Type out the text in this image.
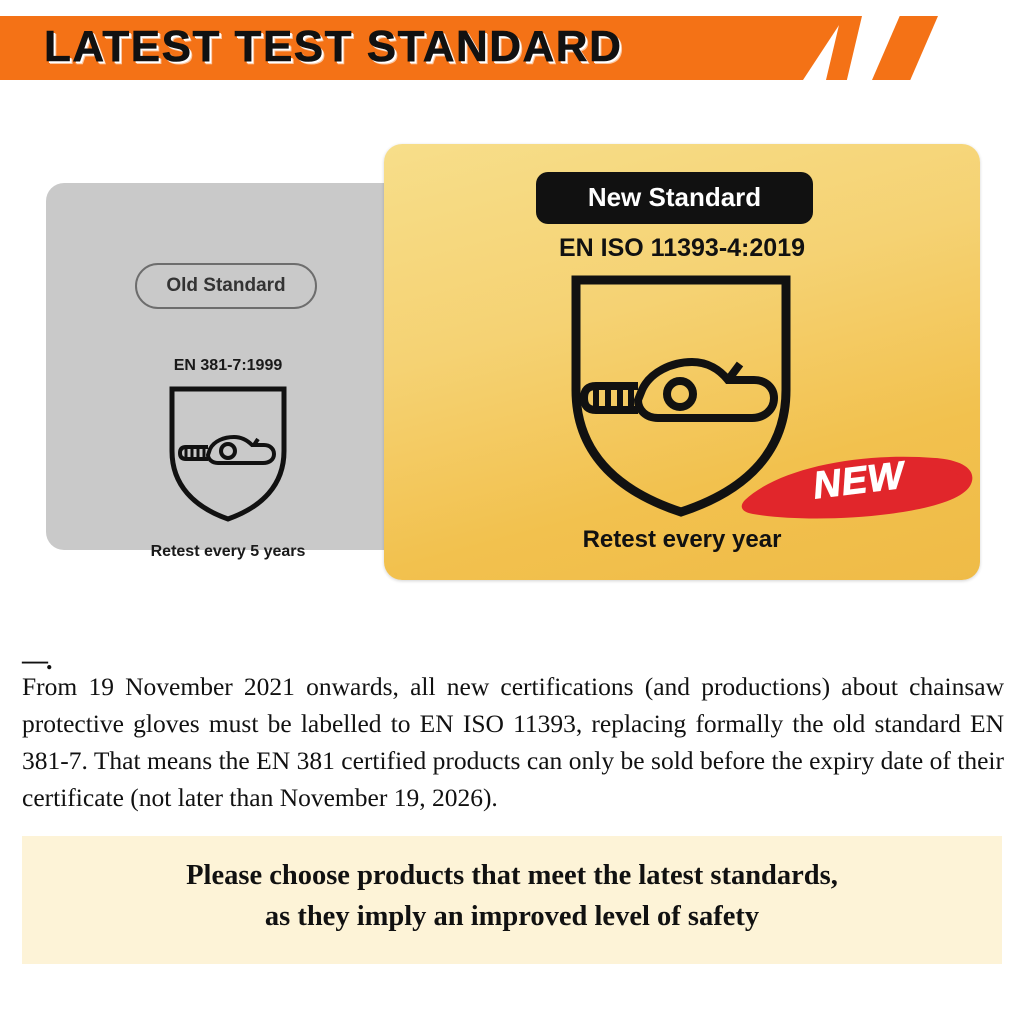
LATEST TEST STANDARD
Old Standard
EN 381-7:1999
Retest every 5 years
New Standard
EN ISO 11393-4:2019
NEW
Retest every year
—.
From 19 November 2021 onwards, all new certifications (and productions) about chainsaw protective gloves must be labelled to EN ISO 11393, replacing formally the old standard EN 381-7. That means the EN 381 certified products can only be sold before the expiry date of their certificate (not later than November 19, 2026).
Please choose products that meet the latest standards,
as they imply an improved level of safety
